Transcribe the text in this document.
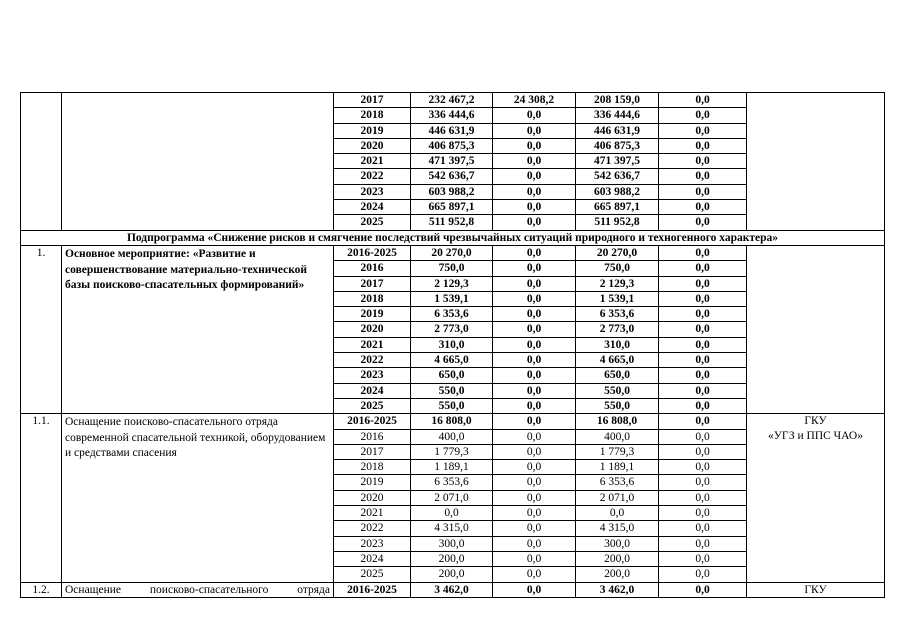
		2017	232 467,2	24 308,2	208 159,0	0,0	
		2018	336 444,6	0,0	336 444,6	0,0	
		2019	446 631,9	0,0	446 631,9	0,0	
		2020	406 875,3	0,0	406 875,3	0,0	
		2021	471 397,5	0,0	471 397,5	0,0	
		2022	542 636,7	0,0	542 636,7	0,0	
		2023	603 988,2	0,0	603 988,2	0,0	
		2024	665 897,1	0,0	665 897,1	0,0	
		2025	511 952,8	0,0	511 952,8	0,0	
Подпрограмма «Снижение рисков и смягчение последствий чрезвычайных ситуаций природного и техногенного характера»							
1.	Основное мероприятие: «Развитие и совершенствование материально-технической базы поисково-спасательных формирований»	2016-2025	20 270,0	0,0	20 270,0	0,0	
		2016	750,0	0,0	750,0	0,0	
		2017	2 129,3	0,0	2 129,3	0,0	
		2018	1 539,1	0,0	1 539,1	0,0	
		2019	6 353,6	0,0	6 353,6	0,0	
		2020	2 773,0	0,0	2 773,0	0,0	
		2021	310,0	0,0	310,0	0,0	
		2022	4 665,0	0,0	4 665,0	0,0	
		2023	650,0	0,0	650,0	0,0	
		2024	550,0	0,0	550,0	0,0	
		2025	550,0	0,0	550,0	0,0	
1.1.	Оснащение поисково-спасательного отряда современной спасательной техникой, оборудованием и средствами спасения	2016-2025	16 808,0	0,0	16 808,0	0,0	ГКУ
«УГЗ и ППС ЧАО»

		2016	400,0	0,0	400,0	0,0	
		2017	1 779,3	0,0	1 779,3	0,0	
		2018	1 189,1	0,0	1 189,1	0,0	
		2019	6 353,6	0,0	6 353,6	0,0	
		2020	2 071,0	0,0	2 071,0	0,0	
		2021	0,0	0,0	0,0	0,0	
		2022	4 315,0	0,0	4 315,0	0,0	
		2023	300,0	0,0	300,0	0,0	
		2024	200,0	0,0	200,0	0,0	
		2025	200,0	0,0	200,0	0,0	
1.2.	Оснащение поисково-спасательного отряда	2016-2025	3 462,0	0,0	3 462,0	0,0	ГКУ
